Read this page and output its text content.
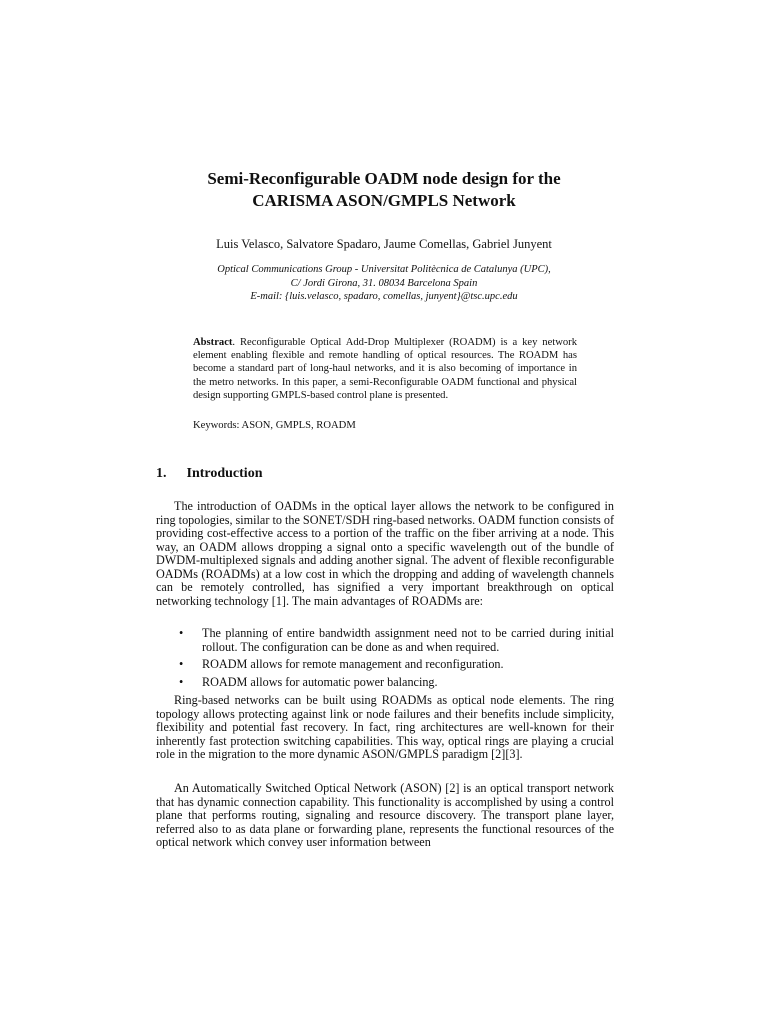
Semi-Reconfigurable OADM node design for the
CARISMA ASON/GMPLS Network
Luis Velasco, Salvatore Spadaro, Jaume Comellas, Gabriel Junyent
Optical Communications Group - Universitat Politècnica de Catalunya (UPC),
C/ Jordi Girona, 31. 08034 Barcelona Spain
E-mail: {luis.velasco, spadaro, comellas, junyent}@tsc.upc.edu
Abstract. Reconfigurable Optical Add-Drop Multiplexer (ROADM) is a key network element enabling flexible and remote handling of optical resources. The ROADM has become a standard part of long-haul networks, and it is also becoming of importance in the metro networks. In this paper, a semi-Reconfigurable OADM functional and physical design supporting GMPLS-based control plane is presented.
Keywords: ASON, GMPLS, ROADM
1. Introduction

The introduction of OADMs in the optical layer allows the network to be configured in ring topologies, similar to the SONET/SDH ring-based networks. OADM function consists of providing cost-effective access to a portion of the traffic on the fiber arriving at a node. This way, an OADM allows dropping a signal onto a specific wavelength out of the bundle of DWDM-multiplexed signals and adding another signal. The advent of flexible reconfigurable OADMs (ROADMs) at a low cost in which the dropping and adding of wavelength channels can be remotely controlled, has signified a very important breakthrough on optical networking technology [1]. The main advantages of ROADMs are:

• The planning of entire bandwidth assignment need not to be carried during initial rollout. The configuration can be done as and when required.
• ROADM allows for remote management and reconfiguration.
• ROADM allows for automatic power balancing.

Ring-based networks can be built using ROADMs as optical node elements. The ring topology allows protecting against link or node failures and their benefits include simplicity, flexibility and potential fast recovery. In fact, ring architectures are well-known for their inherently fast protection switching capabilities. This way, optical rings are playing a crucial role in the migration to the more dynamic ASON/GMPLS paradigm [2][3].

An Automatically Switched Optical Network (ASON) [2] is an optical transport network that has dynamic connection capability. This functionality is accomplished by using a control plane that performs routing, signaling and resource discovery. The transport plane layer, referred also to as data plane or forwarding plane, represents the functional resources of the optical network which convey user information between
